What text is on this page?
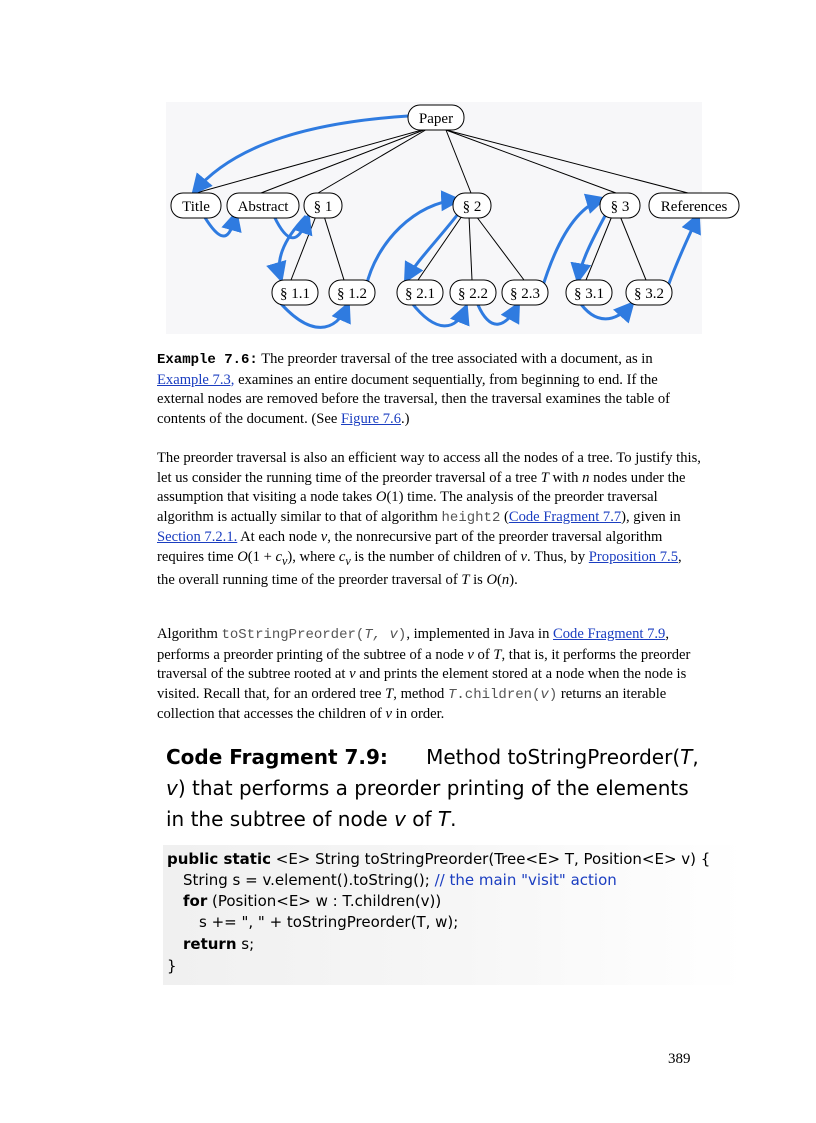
Paper
Title Abstract § 1	§ 2	§ 3 References
§ 1.1 § 1.2	§ 2.1 § 2.2 § 2.3 § 3.1 § 3.2
Example 7.6: The preorder traversal of the tree associated with a document, as in Example 7.3, examines an entire document sequentially, from beginning to end. If the external nodes are removed before the traversal, then the traversal examines the table of contents of the document. (See Figure 7.6.)
The preorder traversal is also an efficient way to access all the nodes of a tree. To justify this, let us consider the running time of the preorder traversal of a tree T with n nodes under the assumption that visiting a node takes O(1) time. The analysis of the preorder traversal algorithm is actually similar to that of algorithm height2 (Code Fragment 7.7), given in Section 7.2.1. At each node v, the nonrecursive part of the preorder traversal algorithm requires time $O(1 + c_v)$, where $c_v$ is the number of children of v. Thus, by Proposition 7.5, the overall running time of the preorder traversal of T is O(n).
Algorithm toStringPreorder(T, v), implemented in Java in Code Fragment 7.9, performs a preorder printing of the subtree of a node v of T, that is, it performs the preorder traversal of the subtree rooted at v and prints the element stored at a node when the node is visited. Recall that, for an ordered tree T, method T.children(v) returns an iterable collection that accesses the children of v in order.
Code Fragment 7.9: Method toStringPreorder(T, v) that performs a preorder printing of the elements in the subtree of node v of T.
public static <E> String toStringPreorder(Tree<E> T, Position<E> v) {
String s = v.element().toString(); // the main "visit" action
for (Position<E> w : T.children(v))
s += ", " + toStringPreorder(T, w);
return s;
}
389
